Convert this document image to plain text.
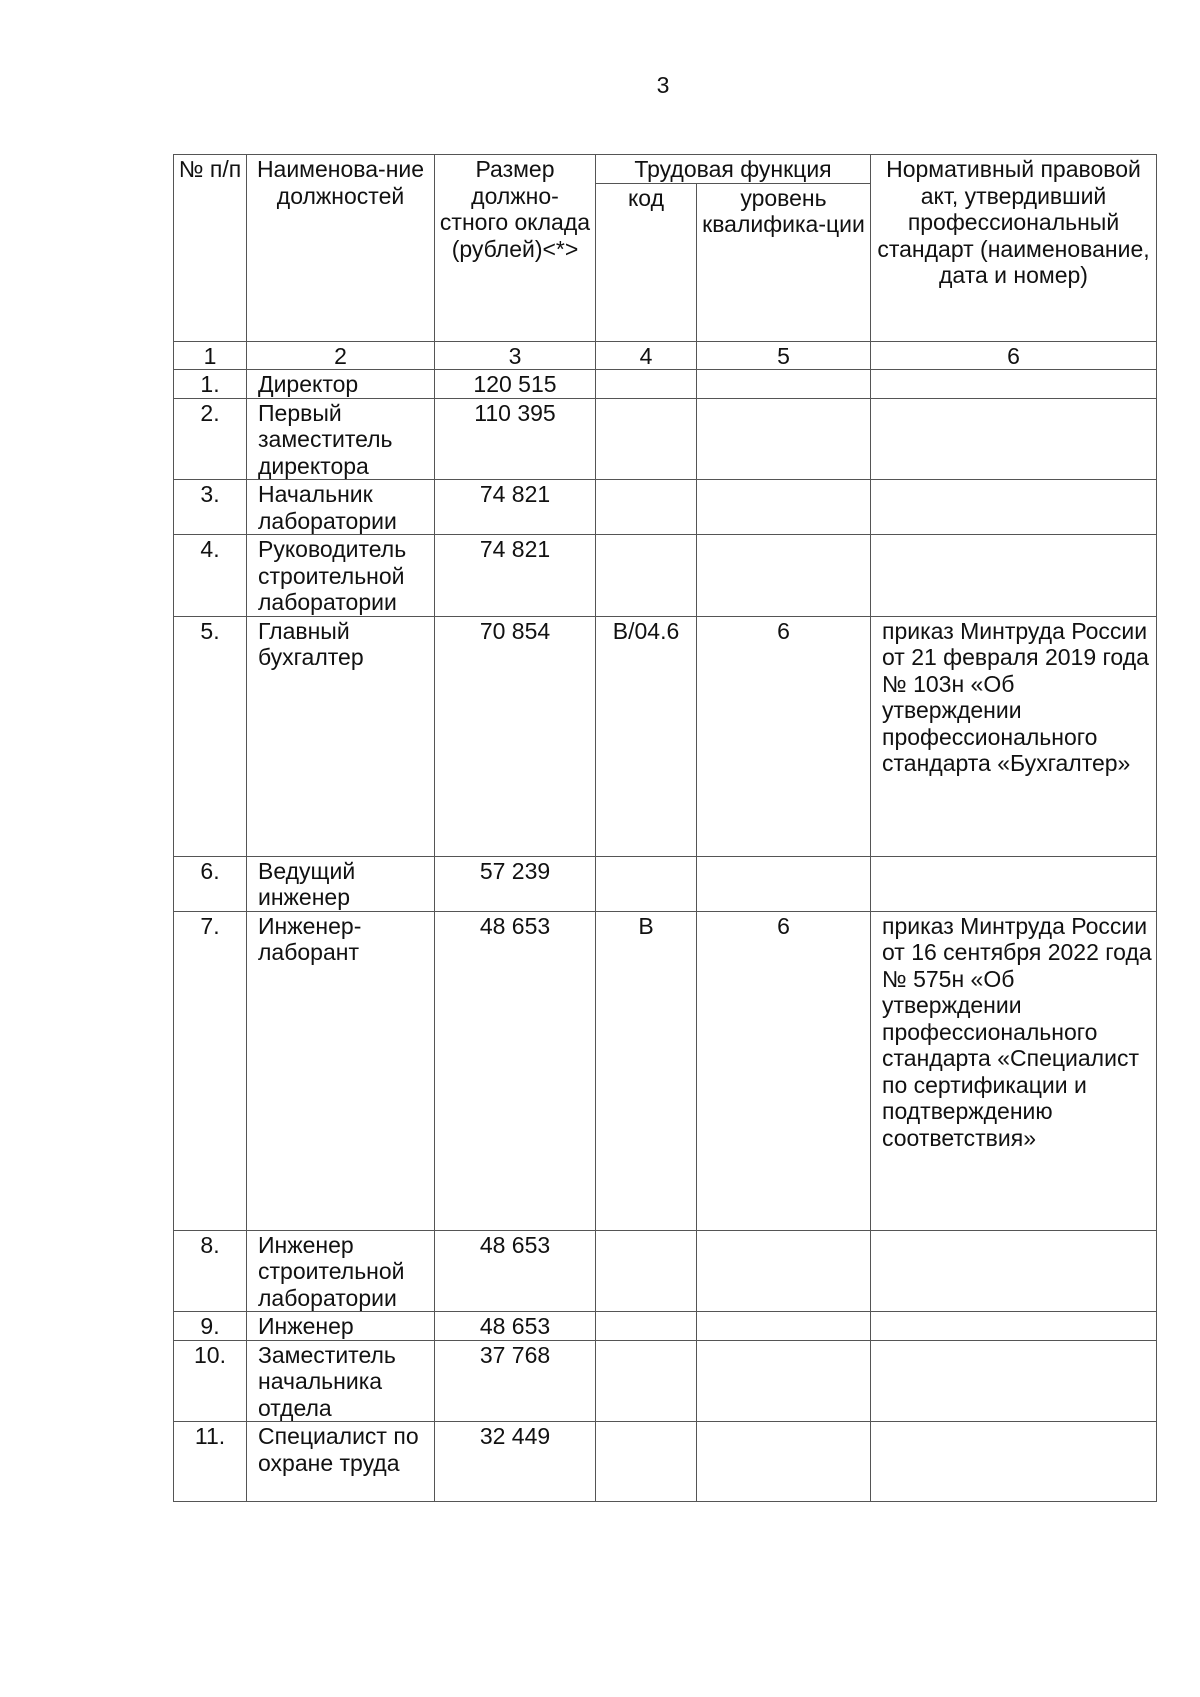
3
№ п/п	Наименова-ние должностей	Размер должно-стного оклада (рублей)<*>	Трудовая функция		Нормативный правовой акт, утвердивший профессиональный стандарт (наименование, дата и номер)
			код	уровень квалифика-ции	
1	2	3	4	5	6
1.	Директор	120 515			
2.	Первый заместитель директора	110 395			
3.	Начальник лаборатории	74 821			
4.	Руководитель строительной лаборатории	74 821			
5.	Главный бухгалтер	70 854	В/04.6	6	приказ Минтруда России от 21 февраля 2019 года № 103н «Об утверждении профессионального стандарта «Бухгалтер»
6.	Ведущий инженер	57 239			
7.	Инженер-лаборант	48 653	В	6	приказ Минтруда России от 16 сентября 2022 года № 575н «Об утверждении профессионального стандарта «Специалист по сертификации и подтверждению соответствия»
8.	Инженер строительной лаборатории	48 653			
9.	Инженер	48 653			
10.	Заместитель начальника отдела	37 768			
11.	Специалист по охране труда	32 449			
